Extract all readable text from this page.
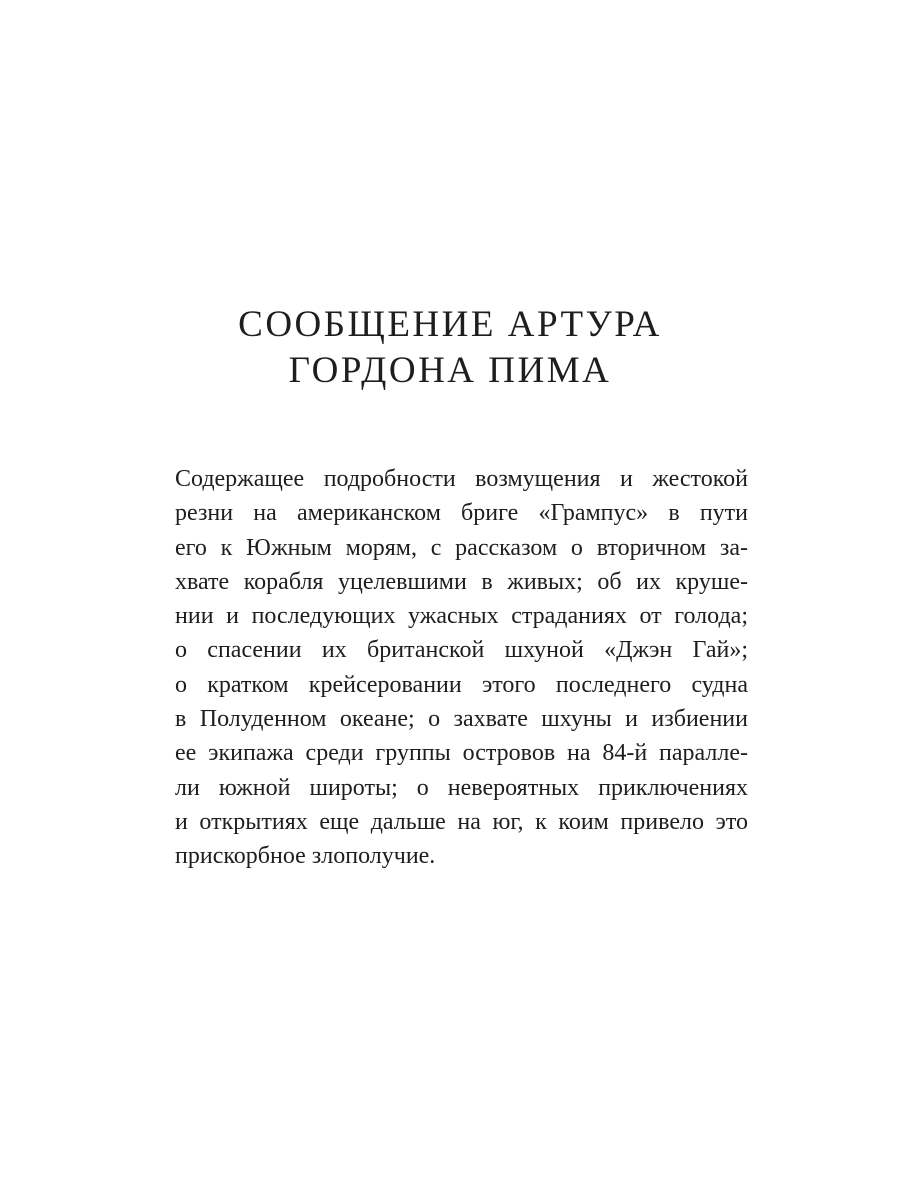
СООБЩЕНИЕ АРТУРА
ГОРДОНА ПИМА
Содержащее подробности возмущения и жестокой
резни на американском бриге «Грампус» в пути
его к Южным морям, с рассказом о вторичном за-
хвате корабля уцелевшими в живых; об их круше-
нии и последующих ужасных страданиях от голода;
о спасении их британской шхуной «Джэн Гай»;
о кратком крейсеровании этого последнего судна
в Полуденном океане; о захвате шхуны и избиении
ее экипажа среди группы островов на 84-й паралле-
ли южной широты; о невероятных приключениях
и открытиях еще дальше на юг, к коим привело это
прискорбное злополучие.
